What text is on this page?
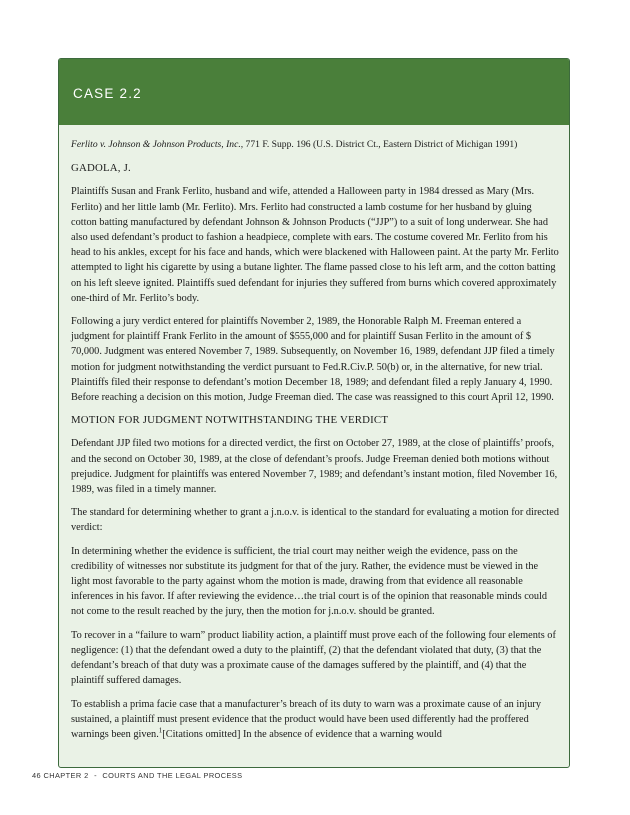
CASE 2.2

Ferlito v. Johnson & Johnson Products, Inc., 771 F. Supp. 196 (U.S. District Ct., Eastern District of Michigan 1991)

GADOLA, J.

Plaintiffs Susan and Frank Ferlito, husband and wife, attended a Halloween party in 1984 dressed as Mary (Mrs. Ferlito) and her little lamb (Mr. Ferlito). Mrs. Ferlito had constructed a lamb costume for her husband by gluing cotton batting manufactured by defendant Johnson & Johnson Products (“JJP”) to a suit of long underwear. She had also used defendant’s product to fashion a headpiece, complete with ears. The costume covered Mr. Ferlito from his head to his ankles, except for his face and hands, which were blackened with Halloween paint. At the party Mr. Ferlito attempted to light his cigarette by using a butane lighter. The flame passed close to his left arm, and the cotton batting on his left sleeve ignited. Plaintiffs sued defendant for injuries they suffered from burns which covered approximately one-third of Mr. Ferlito’s body.

Following a jury verdict entered for plaintiffs November 2, 1989, the Honorable Ralph M. Freeman entered a judgment for plaintiff Frank Ferlito in the amount of $555,000 and for plaintiff Susan Ferlito in the amount of $ 70,000. Judgment was entered November 7, 1989. Subsequently, on November 16, 1989, defendant JJP filed a timely motion for judgment notwithstanding the verdict pursuant to Fed.R.Civ.P. 50(b) or, in the alternative, for new trial. Plaintiffs filed their response to defendant’s motion December 18, 1989; and defendant filed a reply January 4, 1990. Before reaching a decision on this motion, Judge Freeman died. The case was reassigned to this court April 12, 1990.

MOTION FOR JUDGMENT NOTWITHSTANDING THE VERDICT

Defendant JJP filed two motions for a directed verdict, the first on October 27, 1989, at the close of plaintiffs’ proofs, and the second on October 30, 1989, at the close of defendant’s proofs. Judge Freeman denied both motions without prejudice. Judgment for plaintiffs was entered November 7, 1989; and defendant’s instant motion, filed November 16, 1989, was filed in a timely manner.

The standard for determining whether to grant a j.n.o.v. is identical to the standard for evaluating a motion for directed verdict:

In determining whether the evidence is sufficient, the trial court may neither weigh the evidence, pass on the credibility of witnesses nor substitute its judgment for that of the jury. Rather, the evidence must be viewed in the light most favorable to the party against whom the motion is made, drawing from that evidence all reasonable inferences in his favor. If after reviewing the evidence…the trial court is of the opinion that reasonable minds could not come to the result reached by the jury, then the motion for j.n.o.v. should be granted.

To recover in a “failure to warn” product liability action, a plaintiff must prove each of the following four elements of negligence: (1) that the defendant owed a duty to the plaintiff, (2) that the defendant violated that duty, (3) that the defendant’s breach of that duty was a proximate cause of the damages suffered by the plaintiff, and (4) that the plaintiff suffered damages.

To establish a prima facie case that a manufacturer’s breach of its duty to warn was a proximate cause of an injury sustained, a plaintiff must present evidence that the product would have been used differently had the proffered warnings been given.$^1$[Citations omitted] In the absence of evidence that a warning would

46 CHAPTER 2 - COURTS AND THE LEGAL PROCESS
